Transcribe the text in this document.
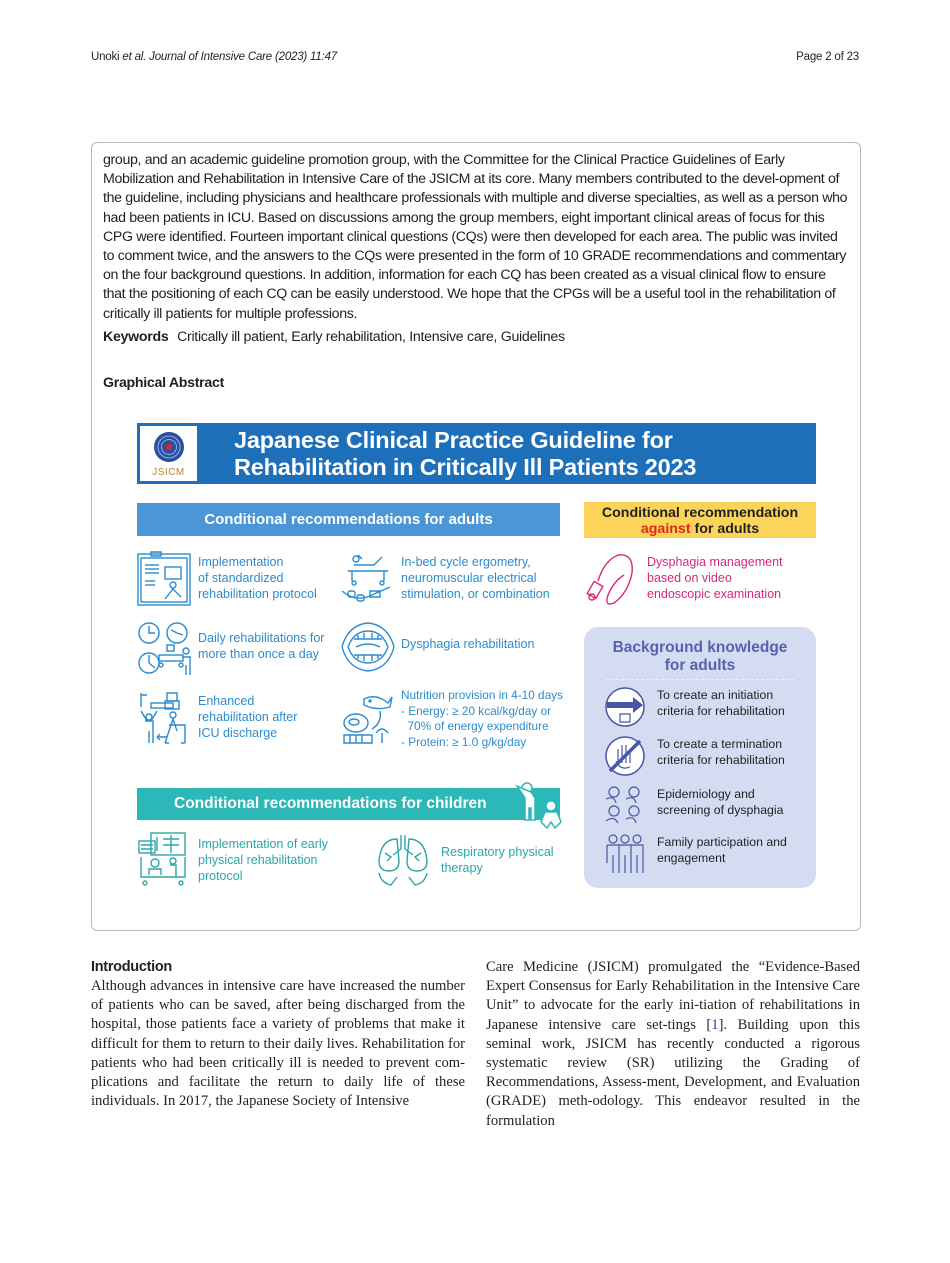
Unoki et al. Journal of Intensive Care (2023) 11:47	Page 2 of 23

group, and an academic guideline promotion group, with the Committee for the Clinical Practice Guidelines of Early Mobilization and Rehabilitation in Intensive Care of the JSICM at its core. Many members contributed to the devel-opment of the guideline, including physicians and healthcare professionals with multiple and diverse specialties, as well as a person who had been patients in ICU. Based on discussions among the group members, eight important clinical areas of focus for this CPG were identified. Fourteen important clinical questions (CQs) were then developed for each area. The public was invited to comment twice, and the answers to the CQs were presented in the form of 10 GRADE recommendations and commentary on the four background questions. In addition, information for each CQ has been created as a visual clinical flow to ensure that the positioning of each CQ can be easily understood. We hope that the CPGs will be a useful tool in the rehabilitation of critically ill patients for multiple professions.

Keywords Critically ill patient, Early rehabilitation, Intensive care, Guidelines
Graphical Abstract
JSICM
Japanese Clinical Practice Guideline for
Rehabilitation in Critically Ill Patients 2023
Conditional recommendations for adults	Conditional recommendation
against for adults
Implementation
of standardized
rehabilitation protocol
In-bed cycle ergometry,
neuromuscular electrical
stimulation, or combination
Daily rehabilitations for
more than once a day
Dysphagia rehabilitation
Enhanced
rehabilitation after
ICU discharge
Nutrition provision in 4-10 days
- Energy: ≥ 20 kcal/kg/day or
70% of energy expenditure
- Protein: ≥ 1.0 g/kg/day
Dysphagia management
based on video
endoscopic examination
Background knowledge
for adults
To create an initiation
criteria for rehabilitation
To create a termination
criteria for rehabilitation
Epidemiology and
screening of dysphagia
Family participation and
engagement
Conditional recommendations for children
Implementation of early
physical rehabilitation
protocol
Respiratory physical
therapy
Introduction

Although advances in intensive care have increased the number of patients who can be saved, after being discharged from the hospital, those patients face a variety of problems that make it difficult for them to return to their daily lives. Rehabilitation for patients who had been critically ill is needed to prevent com-plications and facilitate the return to daily life of these individuals. In 2017, the Japanese Society of Intensive

Care Medicine (JSICM) promulgated the “Evidence-Based Expert Consensus for Early Rehabilitation in the Intensive Care Unit” to advocate for the early ini-tiation of rehabilitations in Japanese intensive care set-tings [1]. Building upon this seminal work, JSICM has recently conducted a rigorous systematic review (SR) utilizing the Grading of Recommendations, Assess-ment, Development, and Evaluation (GRADE) meth-odology. This endeavor resulted in the formulation
